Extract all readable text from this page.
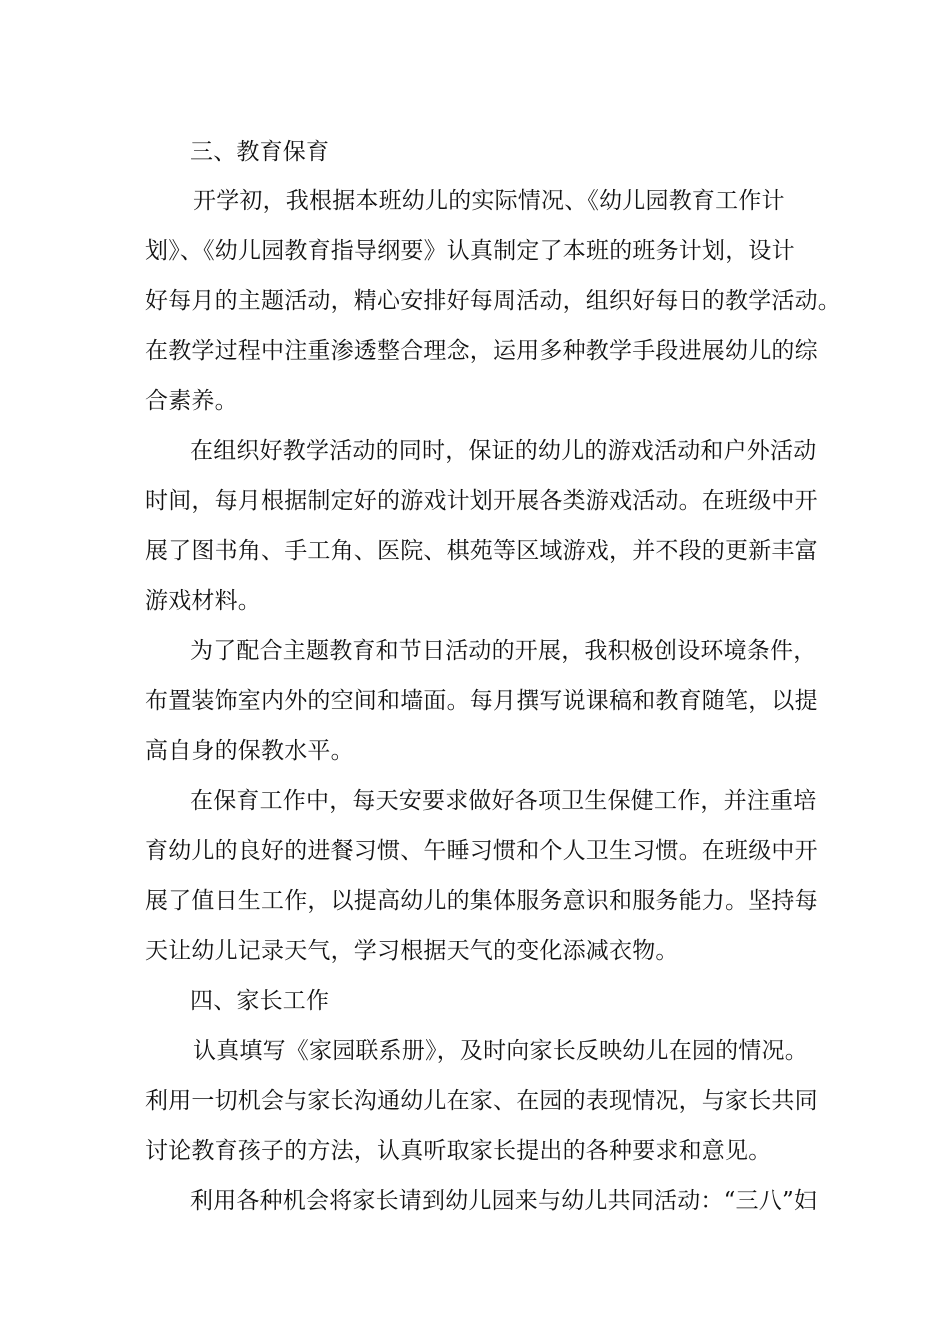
三、教育保育
开学初，我根据本班幼儿的实际情况、《幼儿园教育工作计
划》、《幼儿园教育指导纲要》认真制定了本班的班务计划，设计
好每月的主题活动，精心安排好每周活动，组织好每日的教学活动。
在教学过程中注重渗透整合理念，运用多种教学手段进展幼儿的综
合素养。
在组织好教学活动的同时，保证的幼儿的游戏活动和户外活动
时间，每月根据制定好的游戏计划开展各类游戏活动。在班级中开
展了图书角、手工角、医院、棋苑等区域游戏，并不段的更新丰富
游戏材料。
为了配合主题教育和节日活动的开展，我积极创设环境条件，
布置装饰室内外的空间和墙面。每月撰写说课稿和教育随笔，以提
高自身的保教水平。
在保育工作中，每天安要求做好各项卫生保健工作，并注重培
育幼儿的良好的进餐习惯、午睡习惯和个人卫生习惯。在班级中开
展了值日生工作，以提高幼儿的集体服务意识和服务能力。坚持每
天让幼儿记录天气，学习根据天气的变化添减衣物。
四、家长工作
认真填写《家园联系册》，及时向家长反映幼儿在园的情况。
利用一切机会与家长沟通幼儿在家、在园的表现情况，与家长共同
讨论教育孩子的方法，认真听取家长提出的各种要求和意见。
利用各种机会将家长请到幼儿园来与幼儿共同活动：“三八”妇
